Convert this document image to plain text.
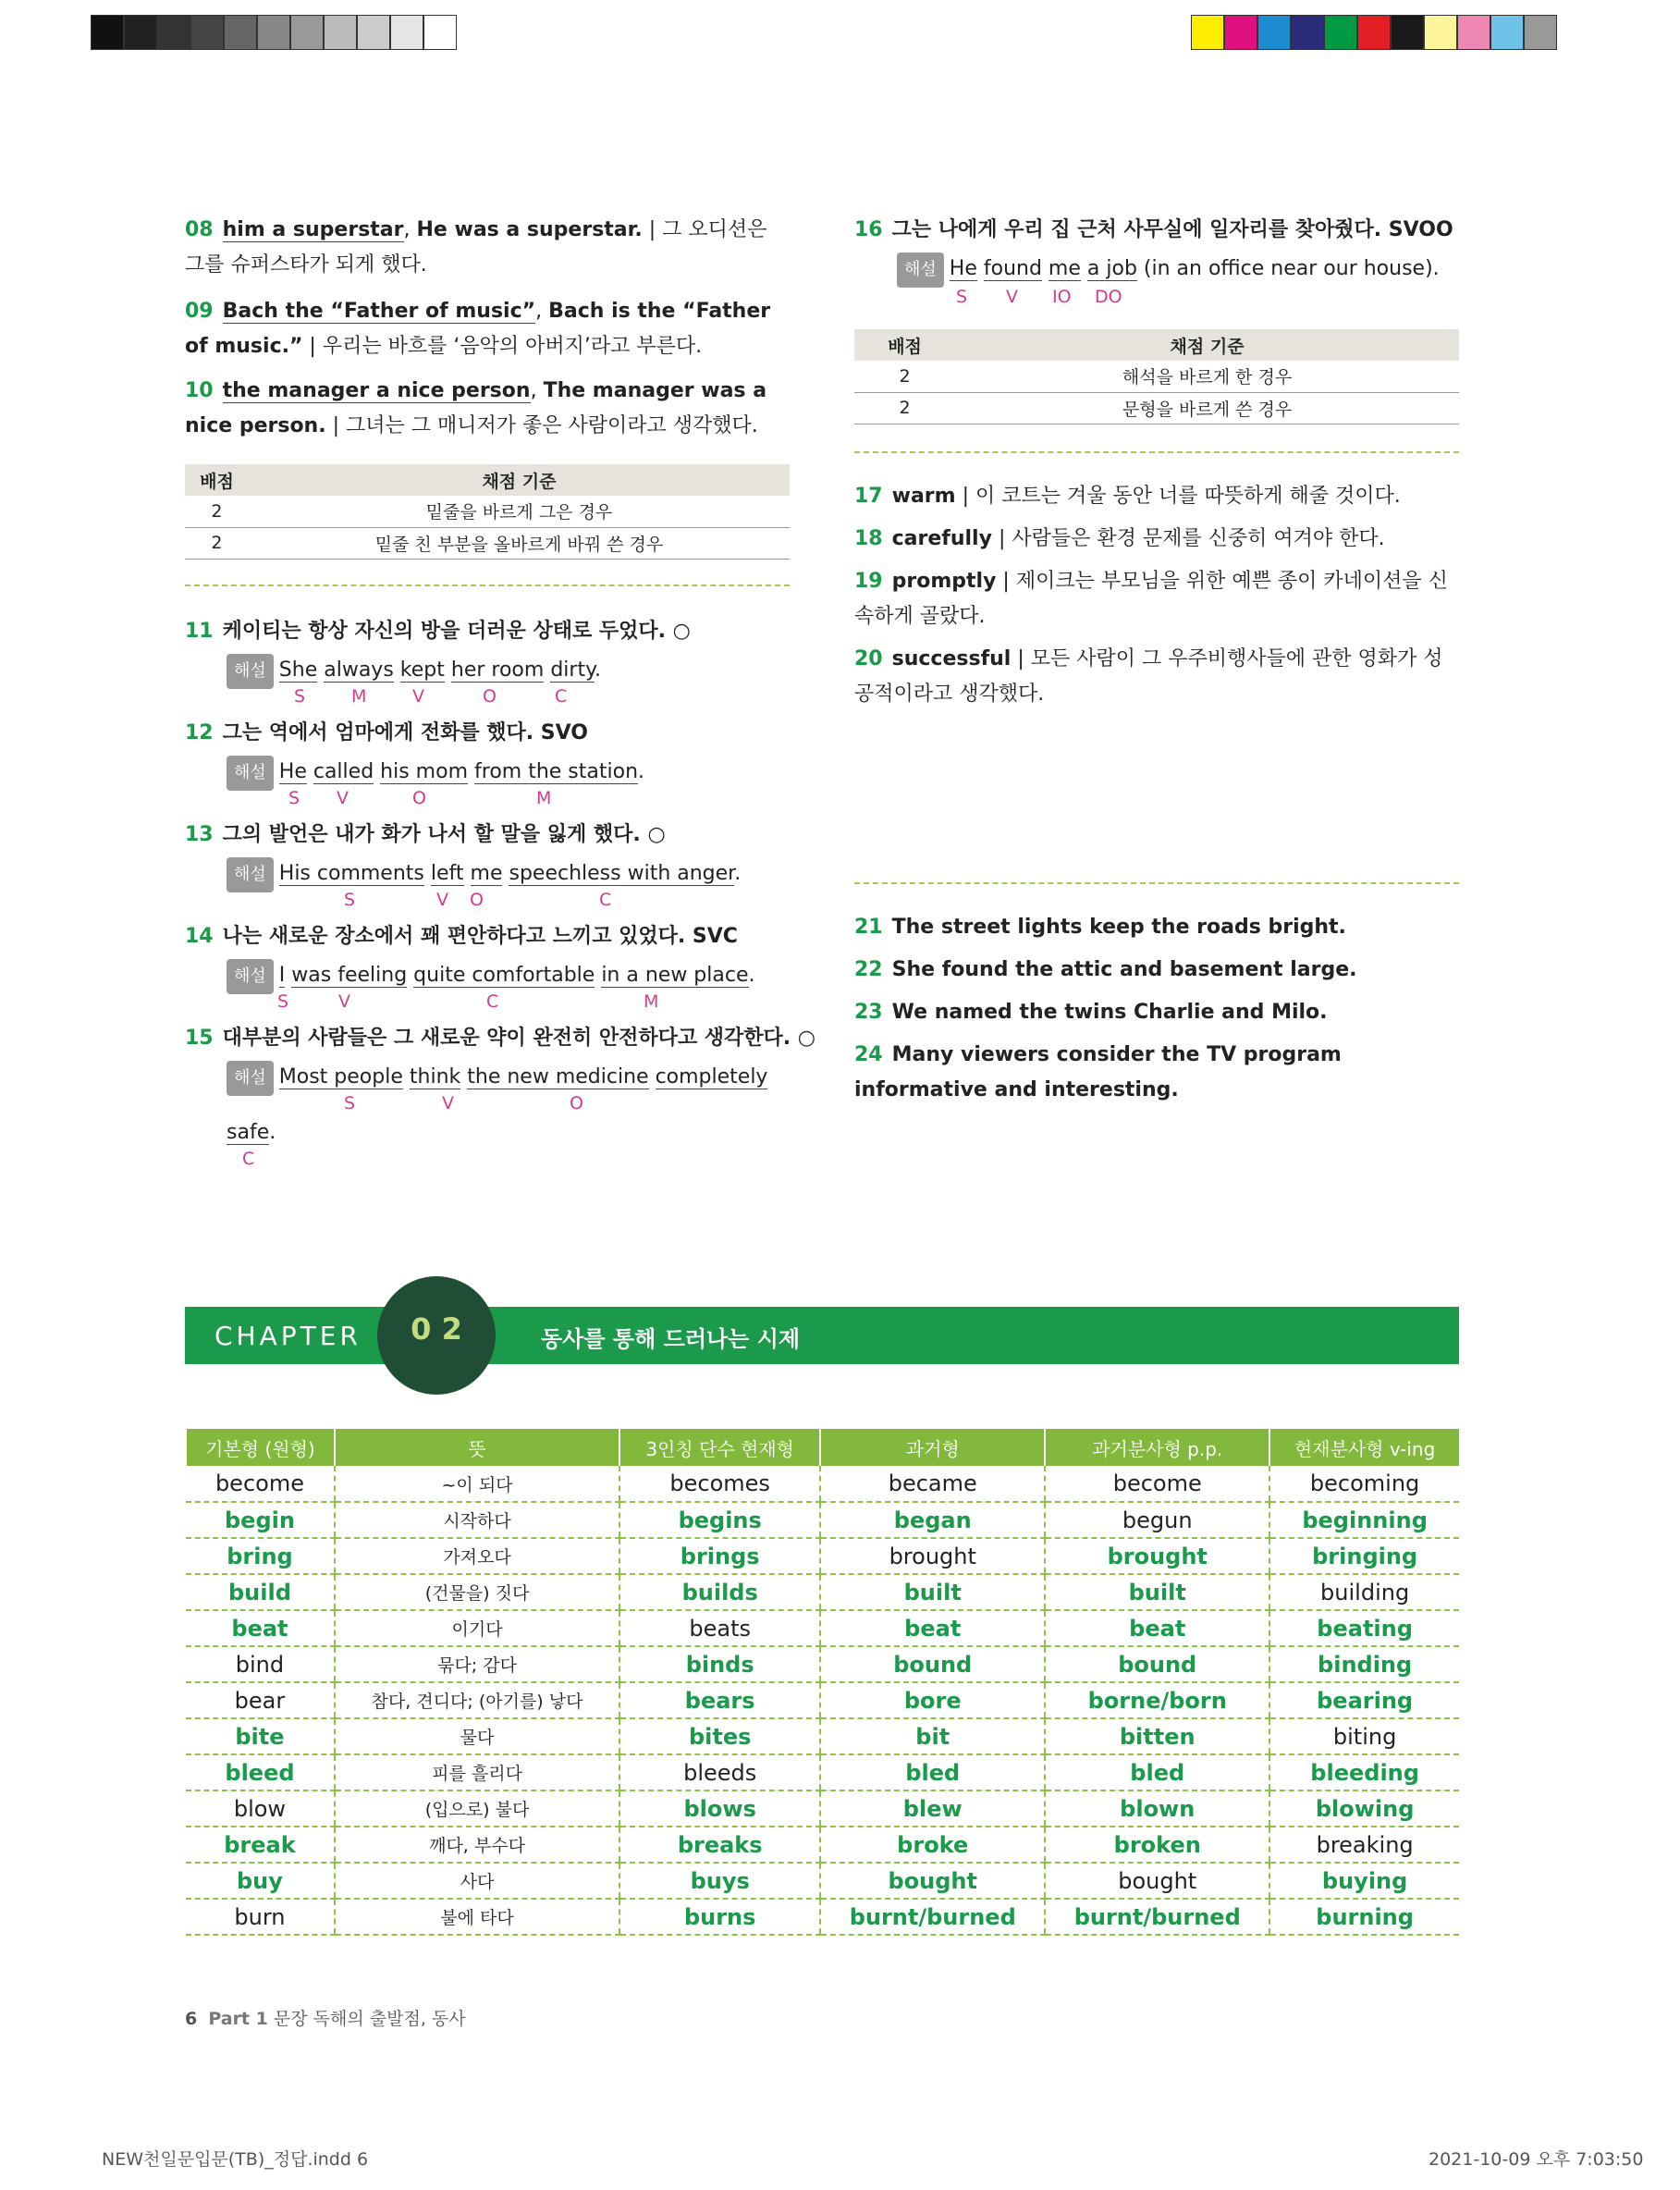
08 him a superstar, He was a superstar. | 그 오디션은 그를 슈퍼스타가 되게 했다.
09 Bach the “Father of music”, Bach is the “Father of music.” | 우리는 바흐를 ‘음악의 아버지’라고 부른다.
10 the manager a nice person, The manager was a nice person. | 그녀는 그 매니저가 좋은 사람이라고 생각했다.
배점	채점 기준
2	밑줄을 바르게 그은 경우
2	밑줄 친 부분을 올바르게 바꿔 쓴 경우
11 케이티는 항상 자신의 방을 더러운 상태로 두었다. ○
해설 She always kept her room dirty.
12 그는 역에서 엄마에게 전화를 했다. SVO
해설 He called his mom from the station.
13 그의 발언은 내가 화가 나서 할 말을 잃게 했다. ○
해설 His comments left me speechless with anger.
14 나는 새로운 장소에서 꽤 편안하다고 느끼고 있었다. SVC
해설 I was feeling quite comfortable in a new place.
15 대부분의 사람들은 그 새로운 약이 완전히 안전하다고 생각한다. ○
해설 Most people think the new medicine completely
safe.
S	M	V	O	C
S V	O	M
S	V O	C
S	V	C	M
S	V	O
C
16 그는 나에게 우리 집 근처 사무실에 일자리를 찾아줬다. SVOO
해설 He found me a job (in an office near our house).
S V IO DO
배점	채점 기준
2	해석을 바르게 한 경우
2	문형을 바르게 쓴 경우
17 warm | 이 코트는 겨울 동안 너를 따뜻하게 해줄 것이다.
18 carefully | 사람들은 환경 문제를 신중히 여겨야 한다.
19 promptly | 제이크는 부모님을 위한 예쁜 종이 카네이션을 신속하게 골랐다.
20 successful | 모든 사람이 그 우주비행사들에 관한 영화가 성공적이라고 생각했다.
21 The street lights keep the roads bright.
22 She found the attic and basement large.
23 We named the twins Charlie and Milo.
24 Many viewers consider the TV program informative and interesting.
CHAPTER	0 2	동사를 통해 드러나는 시제
기본형 (원형)	뜻	3인칭 단수 현재형	과거형	과거분사형 p.p.	현재분사형 v-ing
become	~이 되다	becomes	became	become	becoming
begin	시작하다	begins	began	begun	beginning
bring	가져오다	brings	brought	brought	bringing
build	(건물을) 짓다	builds	built	built	building
beat	이기다	beats	beat	beat	beating
bind	묶다; 감다	binds	bound	bound	binding
bear	참다, 견디다; (아기를) 낳다	bears	bore	borne/born	bearing
bite	물다	bites	bit	bitten	biting
bleed	피를 흘리다	bleeds	bled	bled	bleeding
blow	(입으로) 불다	blows	blew	blown	blowing
break	깨다, 부수다	breaks	broke	broken	breaking
buy	사다	buys	bought	bought	buying
burn	불에 타다	burns	burnt/burned	burnt/burned	burning
6 Part 1 문장 독해의 출발점, 동사
NEW천일문입문(TB)_정답.indd 6	2021-10-09 오후 7:03:50
